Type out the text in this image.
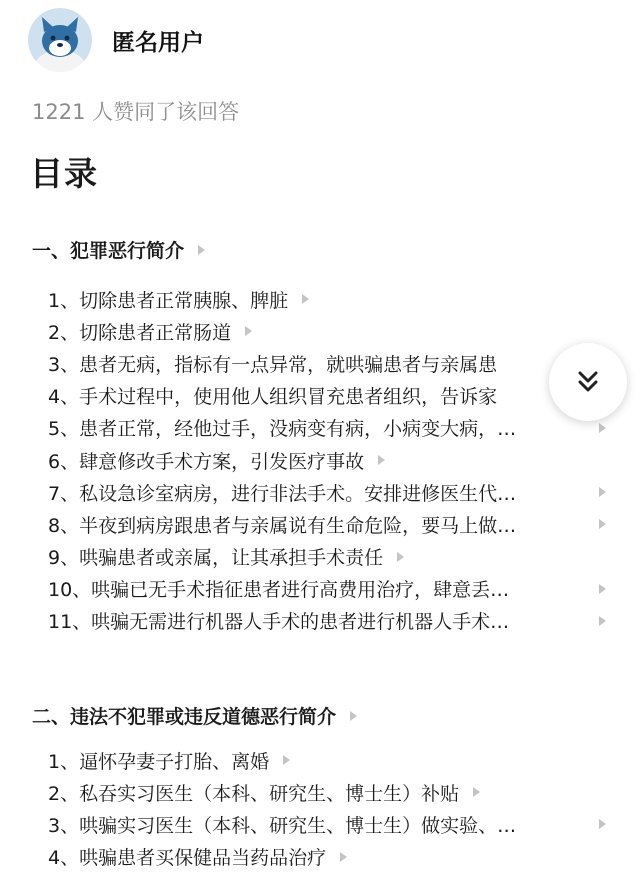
匿名用户
1221 人赞同了该回答
目录
一、犯罪恶行简介
1、切除患者正常胰腺、脾脏
2、切除患者正常肠道
3、患者无病，指标有一点异常，就哄骗患者与亲属患
4、手术过程中，使用他人组织冒充患者组织，告诉家
5、患者正常，经他过手，没病变有病，小病变大病，…
6、肆意修改手术方案，引发医疗事故
7、私设急诊室病房，进行非法手术。安排进修医生代…
8、半夜到病房跟患者与亲属说有生命危险，要马上做…
9、哄骗患者或亲属，让其承担手术责任
10、哄骗已无手术指征患者进行高费用治疗，肆意丢…
11、哄骗无需进行机器人手术的患者进行机器人手术…
二、违法不犯罪或违反道德恶行简介
1、逼怀孕妻子打胎、离婚
2、私吞实习医生（本科、研究生、博士生）补贴
3、哄骗实习医生（本科、研究生、博士生）做实验、…
4、哄骗患者买保健品当药品治疗
